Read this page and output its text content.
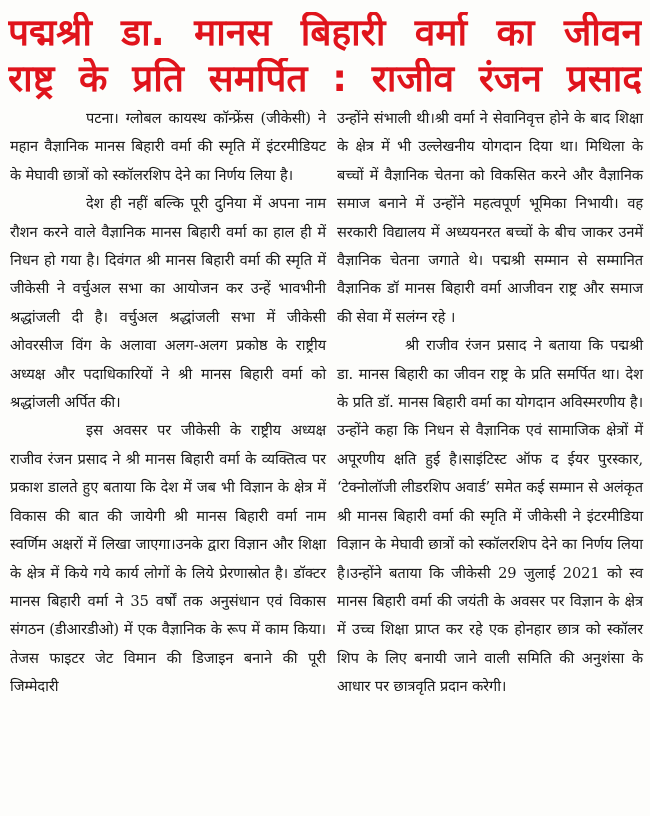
पद्मश्री डा. मानस बिहारी वर्मा का जीवन
राष्ट्र के प्रति समर्पित : राजीव रंजन प्रसाद

पटना। ग्लोबल कायस्थ कॉन्फ्रेंस (जीकेसी) ने महान वैज्ञानिक मानस बिहारी वर्मा की स्मृति में इंटरमीडियट के मेघावी छात्रों को स्कॉलरशिप देने का निर्णय लिया है।

देश ही नहीं बल्कि पूरी दुनिया में अपना नाम रौशन करने वाले वैज्ञानिक मानस बिहारी वर्मा का हाल ही में निधन हो गया है। दिवंगत श्री मानस बिहारी वर्मा की स्मृति में जीकेसी ने वर्चुअल सभा का आयोजन कर उन्हें भावभीनी श्रद्धांजली दी है। वर्चुअल श्रद्धांजली सभा में जीकेसी ओवरसीज विंग के अलावा अलग-अलग प्रकोष्ठ के राष्ट्रीय अध्यक्ष और पदाधिकारियों ने श्री मानस बिहारी वर्मा को श्रद्धांजली अर्पित की।

इस अवसर पर जीकेसी के राष्ट्रीय अध्यक्ष राजीव रंजन प्रसाद ने श्री मानस बिहारी वर्मा के व्यक्तित्व पर प्रकाश डालते हुए बताया कि देश में जब भी विज्ञान के क्षेत्र में विकास की बात की जायेगी श्री मानस बिहारी वर्मा नाम स्वर्णिम अक्षरों में लिखा जाएगा।उनके द्वारा विज्ञान और शिक्षा के क्षेत्र में किये गये कार्य लोगों के लिये प्रेरणास्रोत है। डॉक्टर मानस बिहारी वर्मा ने 35 वर्षों तक अनुसंधान एवं विकास संगठन (डीआरडीओ) में एक वैज्ञानिक के रूप में काम किया। तेजस फाइटर जेट विमान की डिजाइन बनाने की पूरी जिम्मेदारी

उन्होंने संभाली थी।श्री वर्मा ने सेवानिवृत्त होने के बाद शिक्षा के क्षेत्र में भी उल्लेखनीय योगदान दिया था। मिथिला के बच्चों में वैज्ञानिक चेतना को विकसित करने और वैज्ञानिक समाज बनाने में उन्होंने महत्वपूर्ण भूमिका निभायी। वह सरकारी विद्यालय में अध्ययनरत बच्चों के बीच जाकर उनमें वैज्ञानिक चेतना जगाते थे। पद्मश्री सम्मान से सम्मानित वैज्ञानिक डॉ मानस बिहारी वर्मा आजीवन राष्ट्र और समाज की सेवा में सलंग्न रहे ।

श्री राजीव रंजन प्रसाद ने बताया कि पद्मश्री डा. मानस बिहारी का जीवन राष्ट्र के प्रति समर्पित था। देश के प्रति डॉ. मानस बिहारी वर्मा का योगदान अविस्मरणीय है। उन्होंने कहा कि निधन से वैज्ञानिक एवं सामाजिक क्षेत्रों में अपूरणीय क्षति हुई है।साइंटिस्ट ऑफ द ईयर पुरस्कार, ‘टेक्नोलॉजी लीडरशिप अवार्ड’ समेत कई सम्मान से अलंकृत श्री मानस बिहारी वर्मा की स्मृति में जीकेसी ने इंटरमीडिया विज्ञान के मेघावी छात्रों को स्कॉलरशिप देने का निर्णय लिया है।उन्होंने बताया कि जीकेसी 29 जुलाई 2021 को स्व मानस बिहारी वर्मा की जयंती के अवसर पर विज्ञान के क्षेत्र में उच्च शिक्षा प्राप्त कर रहे एक होनहार छात्र को स्कॉलर शिप के लिए बनायी जाने वाली समिति की अनुशंसा के आधार पर छात्रवृति प्रदान करेगी।
